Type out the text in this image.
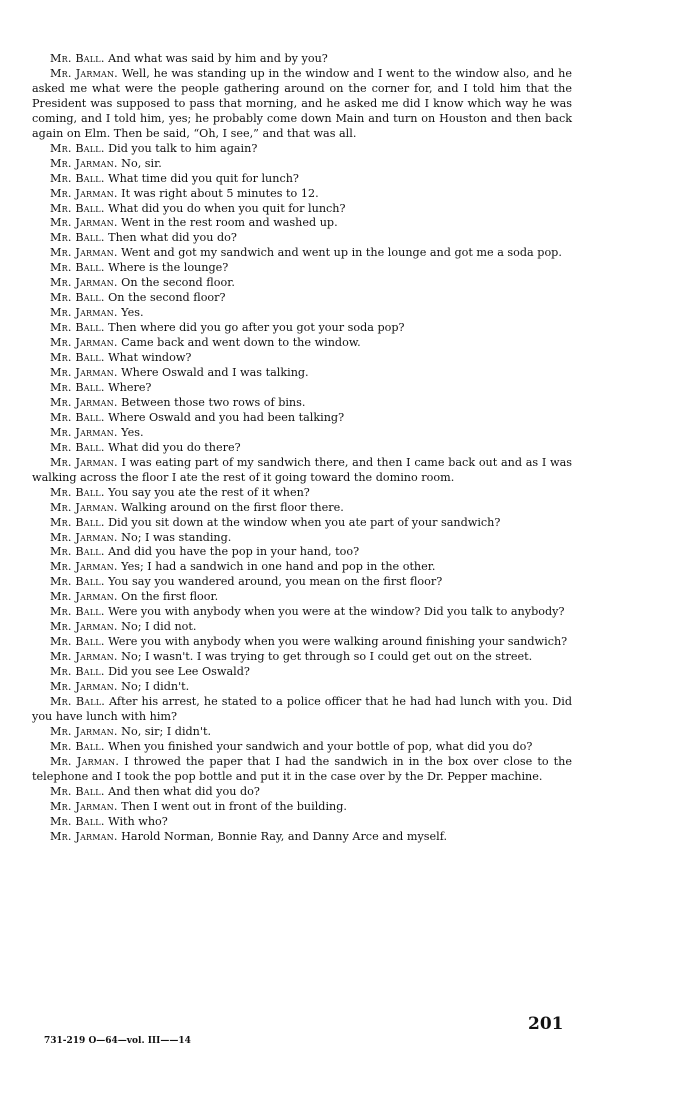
Mr. Ball. And what was said by him and by you?

Mr. Jarman. Well, he was standing up in the window and I went to the window also, and he asked me what were the people gathering around on the corner for, and I told him that the President was supposed to pass that morning, and he asked me did I know which way he was coming, and I told him, yes; he probably come down Main and turn on Houston and then back again on Elm. Then be said, “Oh, I see,” and that was all.

Mr. Ball. Did you talk to him again?

Mr. Jarman. No, sir.

Mr. Ball. What time did you quit for lunch?

Mr. Jarman. It was right about 5 minutes to 12.

Mr. Ball. What did you do when you quit for lunch?

Mr. Jarman. Went in the rest room and washed up.

Mr. Ball. Then what did you do?

Mr. Jarman. Went and got my sandwich and went up in the lounge and got me a soda pop.

Mr. Ball. Where is the lounge?

Mr. Jarman. On the second floor.

Mr. Ball. On the second floor?

Mr. Jarman. Yes.

Mr. Ball. Then where did you go after you got your soda pop?

Mr. Jarman. Came back and went down to the window.

Mr. Ball. What window?

Mr. Jarman. Where Oswald and I was talking.

Mr. Ball. Where?

Mr. Jarman. Between those two rows of bins.

Mr. Ball. Where Oswald and you had been talking?

Mr. Jarman. Yes.

Mr. Ball. What did you do there?

Mr. Jarman. I was eating part of my sandwich there, and then I came back out and as I was walking across the floor I ate the rest of it going toward the domino room.

Mr. Ball. You say you ate the rest of it when?

Mr. Jarman. Walking around on the first floor there.

Mr. Ball. Did you sit down at the window when you ate part of your sandwich?

Mr. Jarman. No; I was standing.

Mr. Ball. And did you have the pop in your hand, too?

Mr. Jarman. Yes; I had a sandwich in one hand and pop in the other.

Mr. Ball. You say you wandered around, you mean on the first floor?

Mr. Jarman. On the first floor.

Mr. Ball. Were you with anybody when you were at the window? Did you talk to anybody?

Mr. Jarman. No; I did not.

Mr. Ball. Were you with anybody when you were walking around finishing your sandwich?

Mr. Jarman. No; I wasn't. I was trying to get through so I could get out on the street.

Mr. Ball. Did you see Lee Oswald?

Mr. Jarman. No; I didn't.

Mr. Ball. After his arrest, he stated to a police officer that he had had lunch with you. Did you have lunch with him?

Mr. Jarman. No, sir; I didn't.

Mr. Ball. When you finished your sandwich and your bottle of pop, what did you do?

Mr. Jarman. I throwed the paper that I had the sandwich in in the box over close to the telephone and I took the pop bottle and put it in the case over by the Dr. Pepper machine.

Mr. Ball. And then what did you do?

Mr. Jarman. Then I went out in front of the building.

Mr. Ball. With who?

Mr. Jarman. Harold Norman, Bonnie Ray, and Danny Arce and myself.

201
731-219 O—64—vol. III——14
